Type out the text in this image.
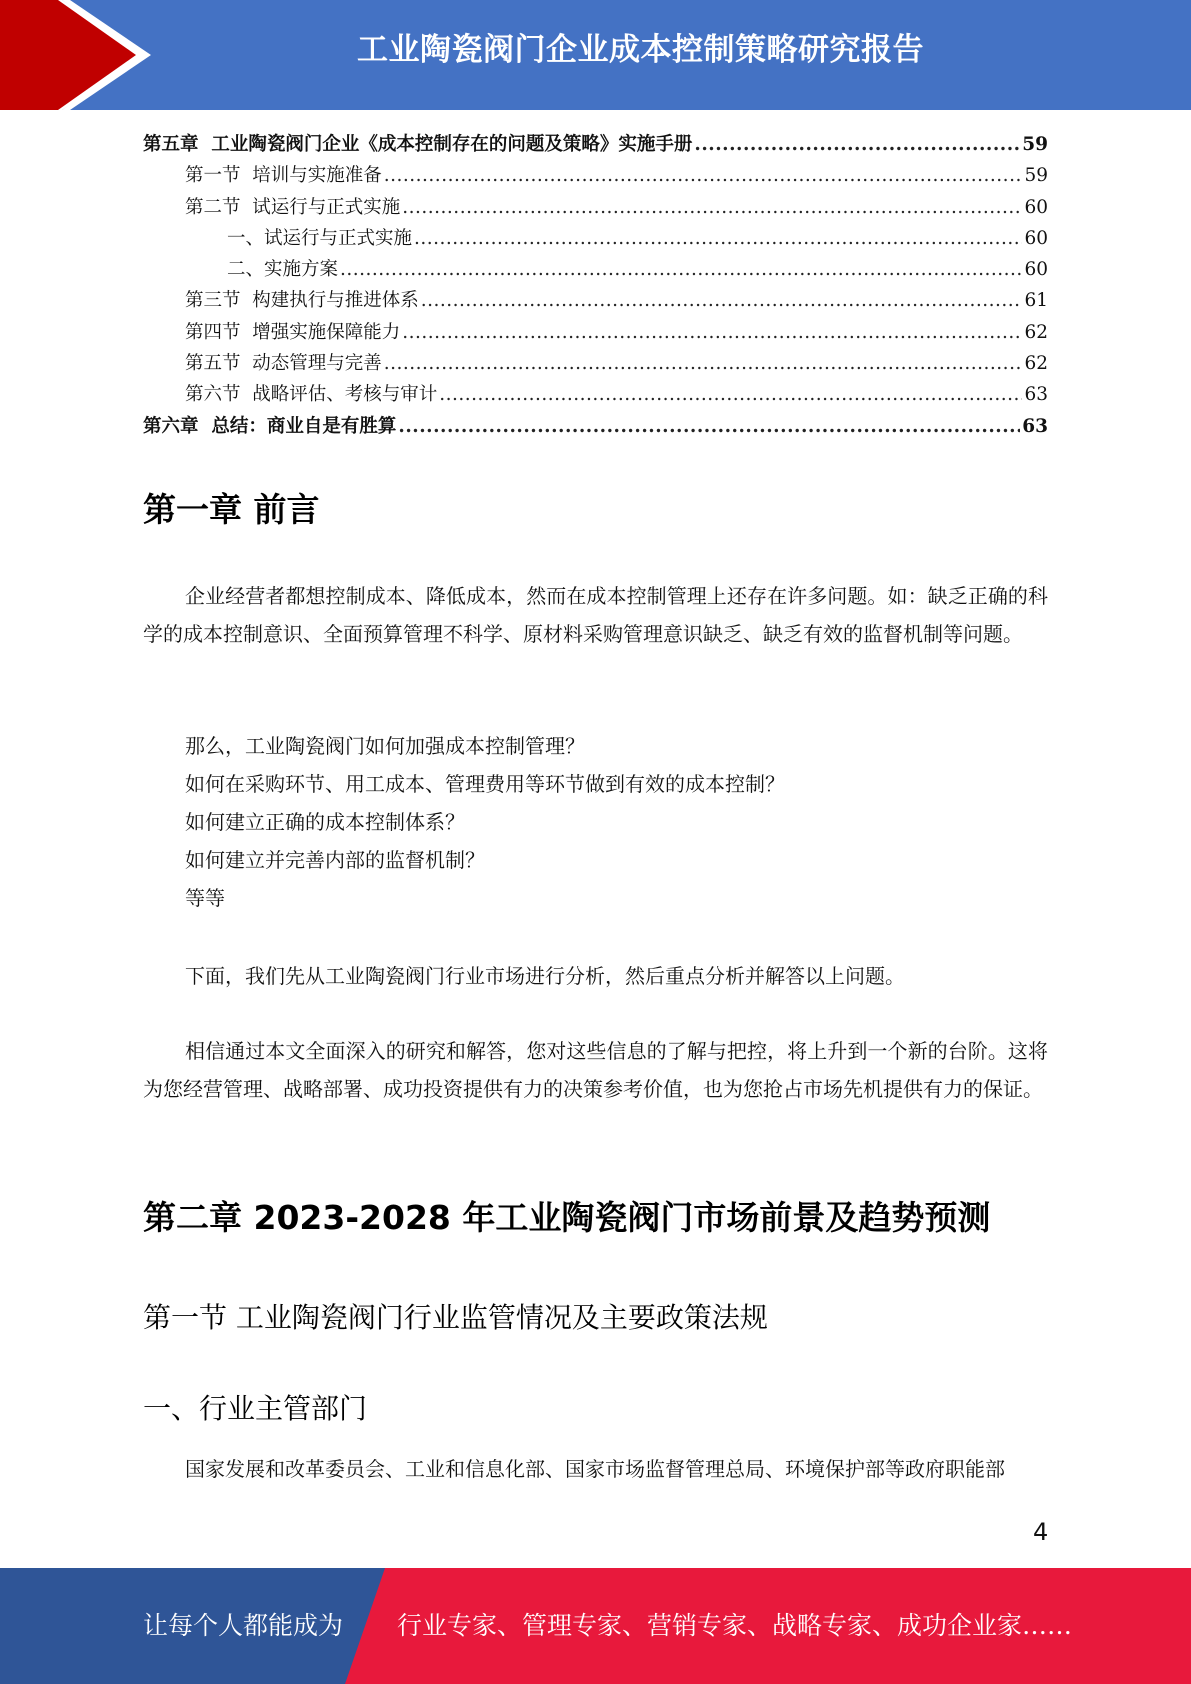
工业陶瓷阀门企业成本控制策略研究报告
第五章  工业陶瓷阀门企业《成本控制存在的问题及策略》实施手册 .....	59
第一节  培训与实施准备 .....	59
第二节  试运行与正式实施 .....	60
一、试运行与正式实施 .....	60
二、实施方案 .....	60
第三节  构建执行与推进体系 .....	61
第四节  增强实施保障能力 .....	62
第五节  动态管理与完善 .....	62
第六节  战略评估、考核与审计 .....	63
第六章  总结：商业自是有胜算 .....	63
第一章 前言

企业经营者都想控制成本、降低成本，然而在成本控制管理上还存在许多问题。如：缺乏正确的科学的成本控制意识、全面预算管理不科学、原材料采购管理意识缺乏、缺乏有效的监督机制等问题。

那么，工业陶瓷阀门如何加强成本控制管理？

如何在采购环节、用工成本、管理费用等环节做到有效的成本控制？

如何建立正确的成本控制体系？

如何建立并完善内部的监督机制？

等等

下面，我们先从工业陶瓷阀门行业市场进行分析，然后重点分析并解答以上问题。

相信通过本文全面深入的研究和解答，您对这些信息的了解与把控，将上升到一个新的台阶。这将为您经营管理、战略部署、成功投资提供有力的决策参考价值，也为您抢占市场先机提供有力的保证。

第二章 2023-2028 年工业陶瓷阀门市场前景及趋势预测
第一节 工业陶瓷阀门行业监管情况及主要政策法规
一、行业主管部门

国家发展和改革委员会、工业和信息化部、国家市场监督管理总局、环境保护部等政府职能部

4
让每个人都能成为 行业专家、管理专家、营销专家、战略专家、成功企业家……
